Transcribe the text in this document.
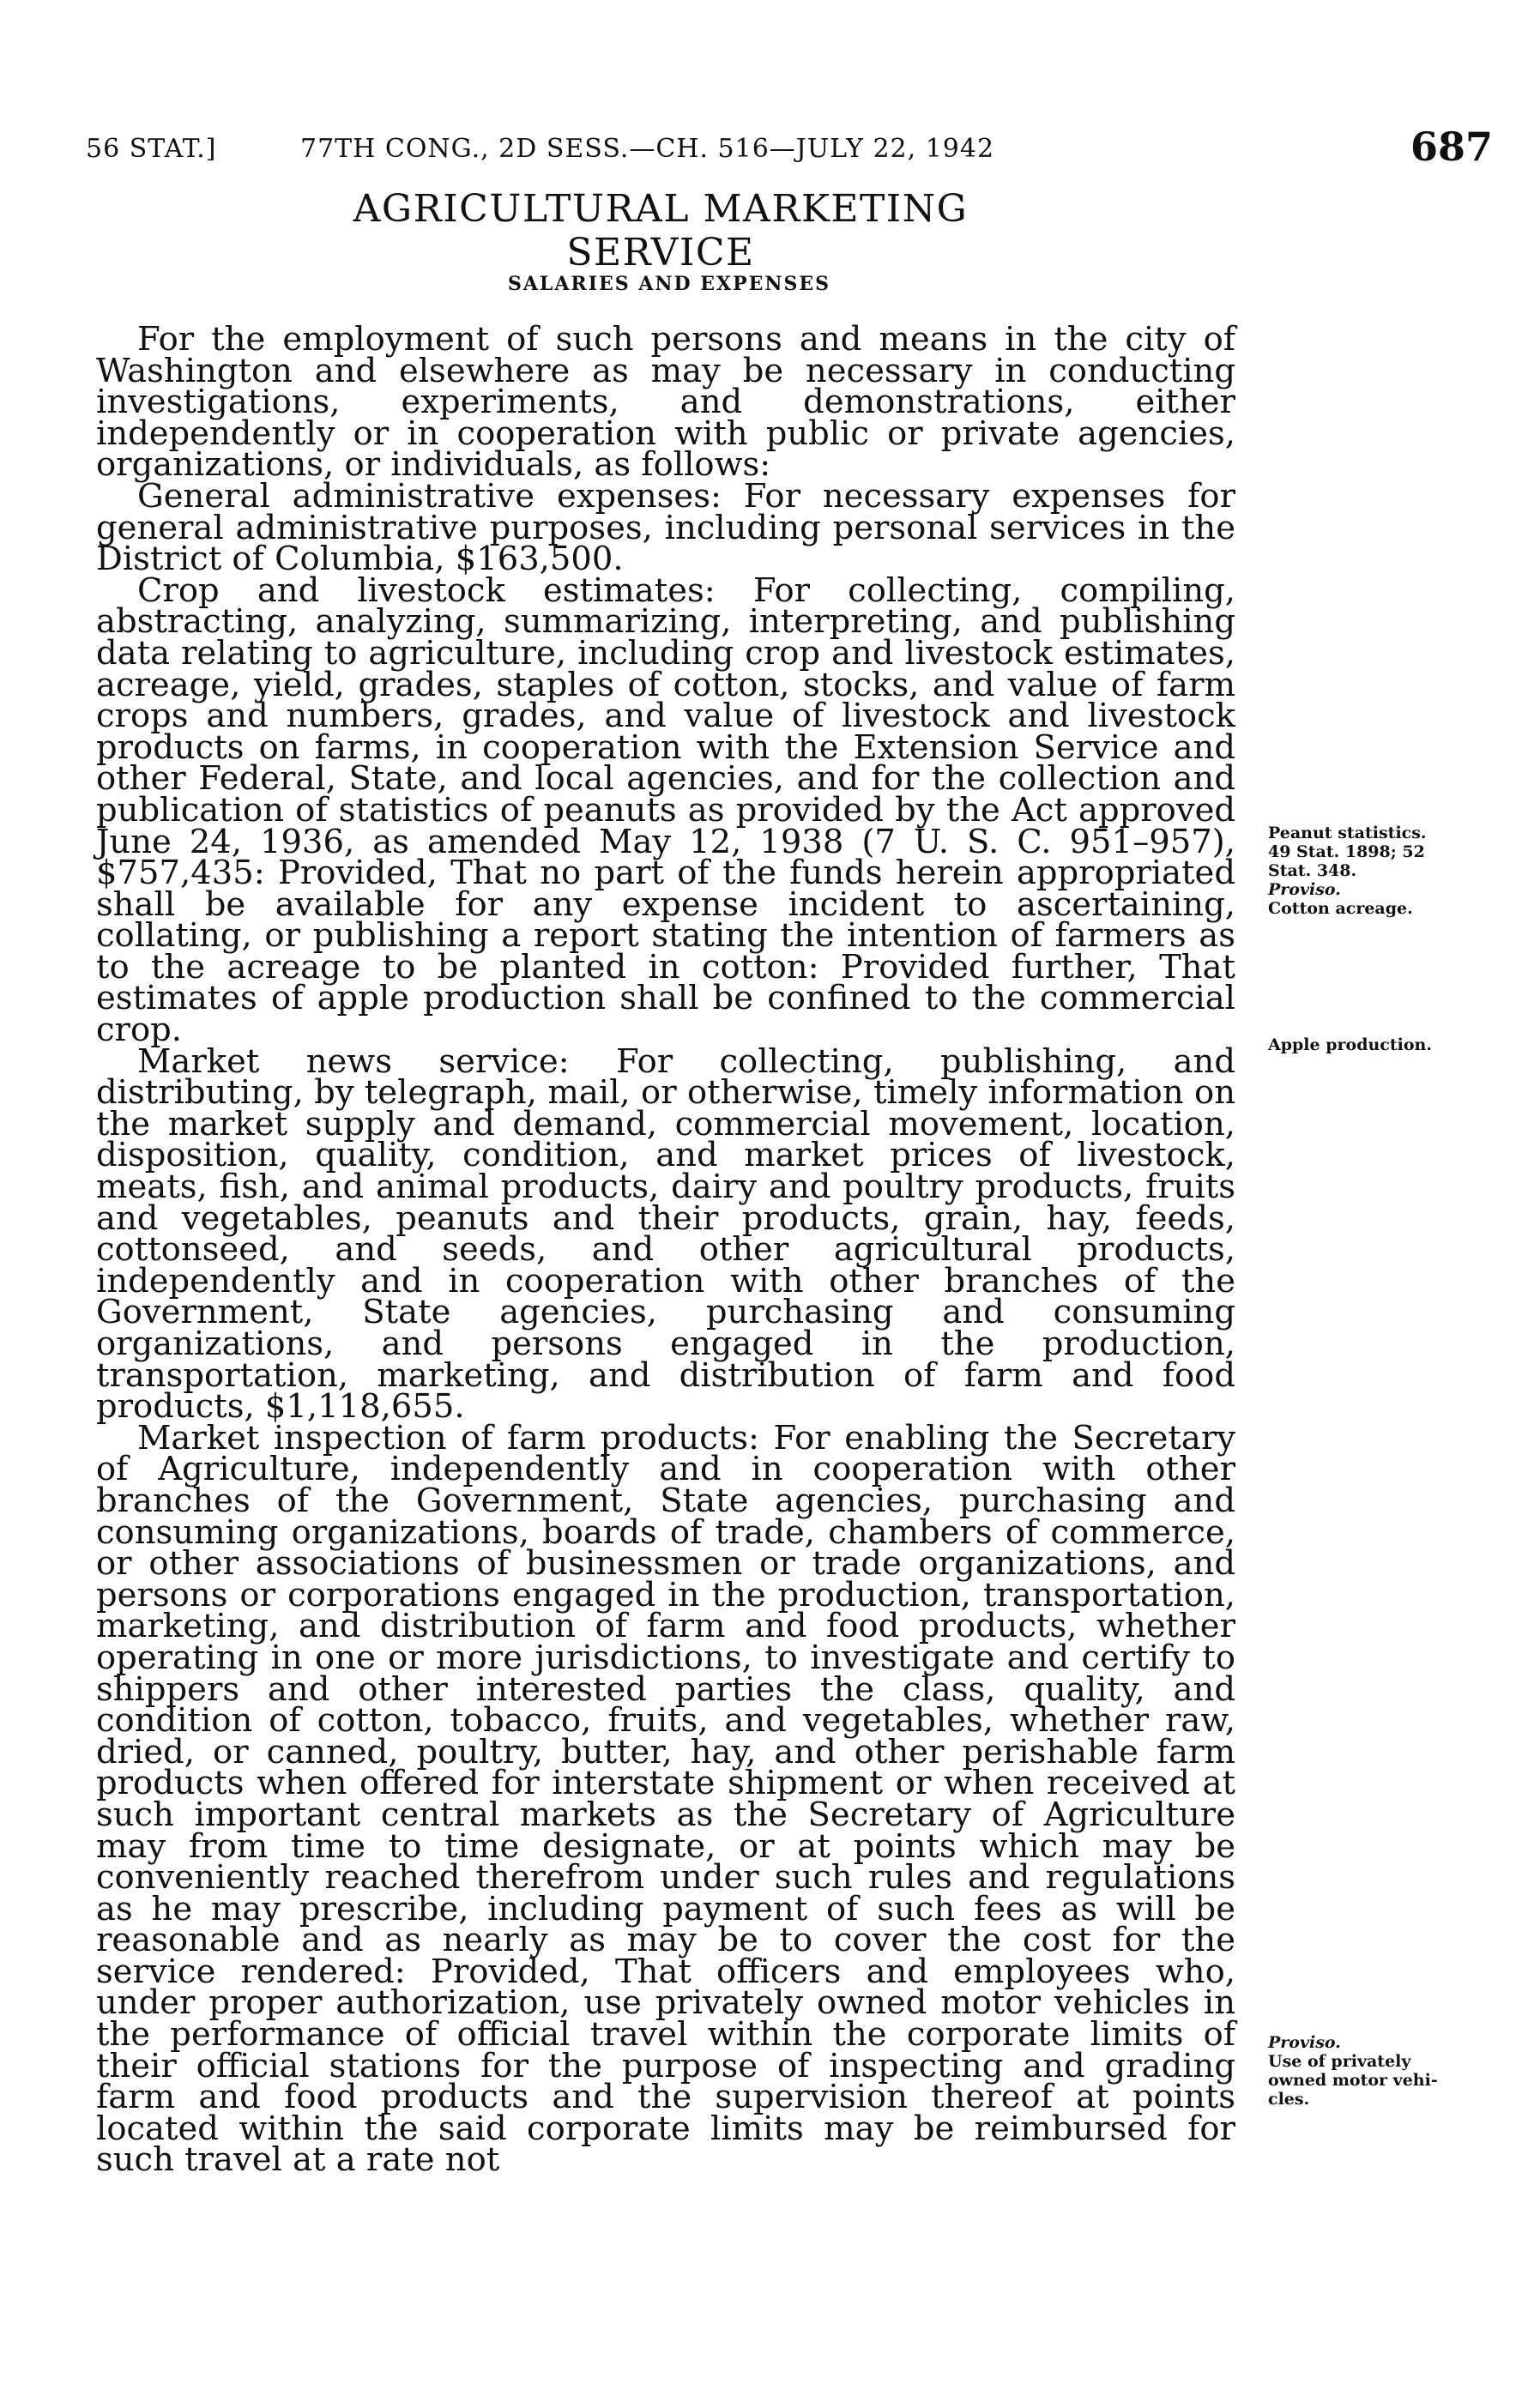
56 STAT.]	77TH CONG., 2D SESS.—CH. 516—JULY 22, 1942	687
AGRICULTURAL MARKETING SERVICE
SALARIES AND EXPENSES

For the employment of such persons and means in the city of Washington and elsewhere as may be necessary in conducting investigations, experiments, and demonstrations, either independently or in cooperation with public or private agencies, organizations, or individuals, as follows:

General administrative expenses: For necessary expenses for general administrative purposes, including personal services in the District of Columbia, $163,500.

Crop and livestock estimates: For collecting, compiling, abstracting, analyzing, summarizing, interpreting, and publishing data relating to agriculture, including crop and livestock estimates, acreage, yield, grades, staples of cotton, stocks, and value of farm crops and numbers, grades, and value of livestock and livestock products on farms, in cooperation with the Extension Service and other Federal, State, and local agencies, and for the collection and publication of statistics of peanuts as provided by the Act approved June 24, 1936, as amended May 12, 1938 (7 U. S. C. 951–957), $757,435: Provided, That no part of the funds herein appropriated shall be available for any expense incident to ascertaining, collating, or publishing a report stating the intention of farmers as to the acreage to be planted in cotton: Provided further, That estimates of apple production shall be confined to the commercial crop.

Market news service: For collecting, publishing, and distributing, by telegraph, mail, or otherwise, timely information on the market supply and demand, commercial movement, location, disposition, quality, condition, and market prices of livestock, meats, fish, and animal products, dairy and poultry products, fruits and vegetables, peanuts and their products, grain, hay, feeds, cottonseed, and seeds, and other agricultural products, independently and in cooperation with other branches of the Government, State agencies, purchasing and consuming organizations, and persons engaged in the production, transportation, marketing, and distribution of farm and food products, $1,118,655.

Market inspection of farm products: For enabling the Secretary of Agriculture, independently and in cooperation with other branches of the Government, State agencies, purchasing and consuming organizations, boards of trade, chambers of commerce, or other associations of businessmen or trade organizations, and persons or corporations engaged in the production, transportation, marketing, and distribution of farm and food products, whether operating in one or more jurisdictions, to investigate and certify to shippers and other interested parties the class, quality, and condition of cotton, tobacco, fruits, and vegetables, whether raw, dried, or canned, poultry, butter, hay, and other perishable farm products when offered for interstate shipment or when received at such important central markets as the Secretary of Agriculture may from time to time designate, or at points which may be conveniently reached therefrom under such rules and regulations as he may prescribe, including payment of such fees as will be reasonable and as nearly as may be to cover the cost for the service rendered: Provided, That officers and employees who, under proper authorization, use privately owned motor vehicles in the performance of official travel within the corporate limits of their official stations for the purpose of inspecting and grading farm and food products and the supervision thereof at points located within the said corporate limits may be reimbursed for such travel at a rate not

Peanut statistics.
49 Stat. 1898; 52
Stat. 348.
Proviso.
Cotton acreage.
Apple production.
Proviso.
Use of privately
owned motor vehi-
cles.
